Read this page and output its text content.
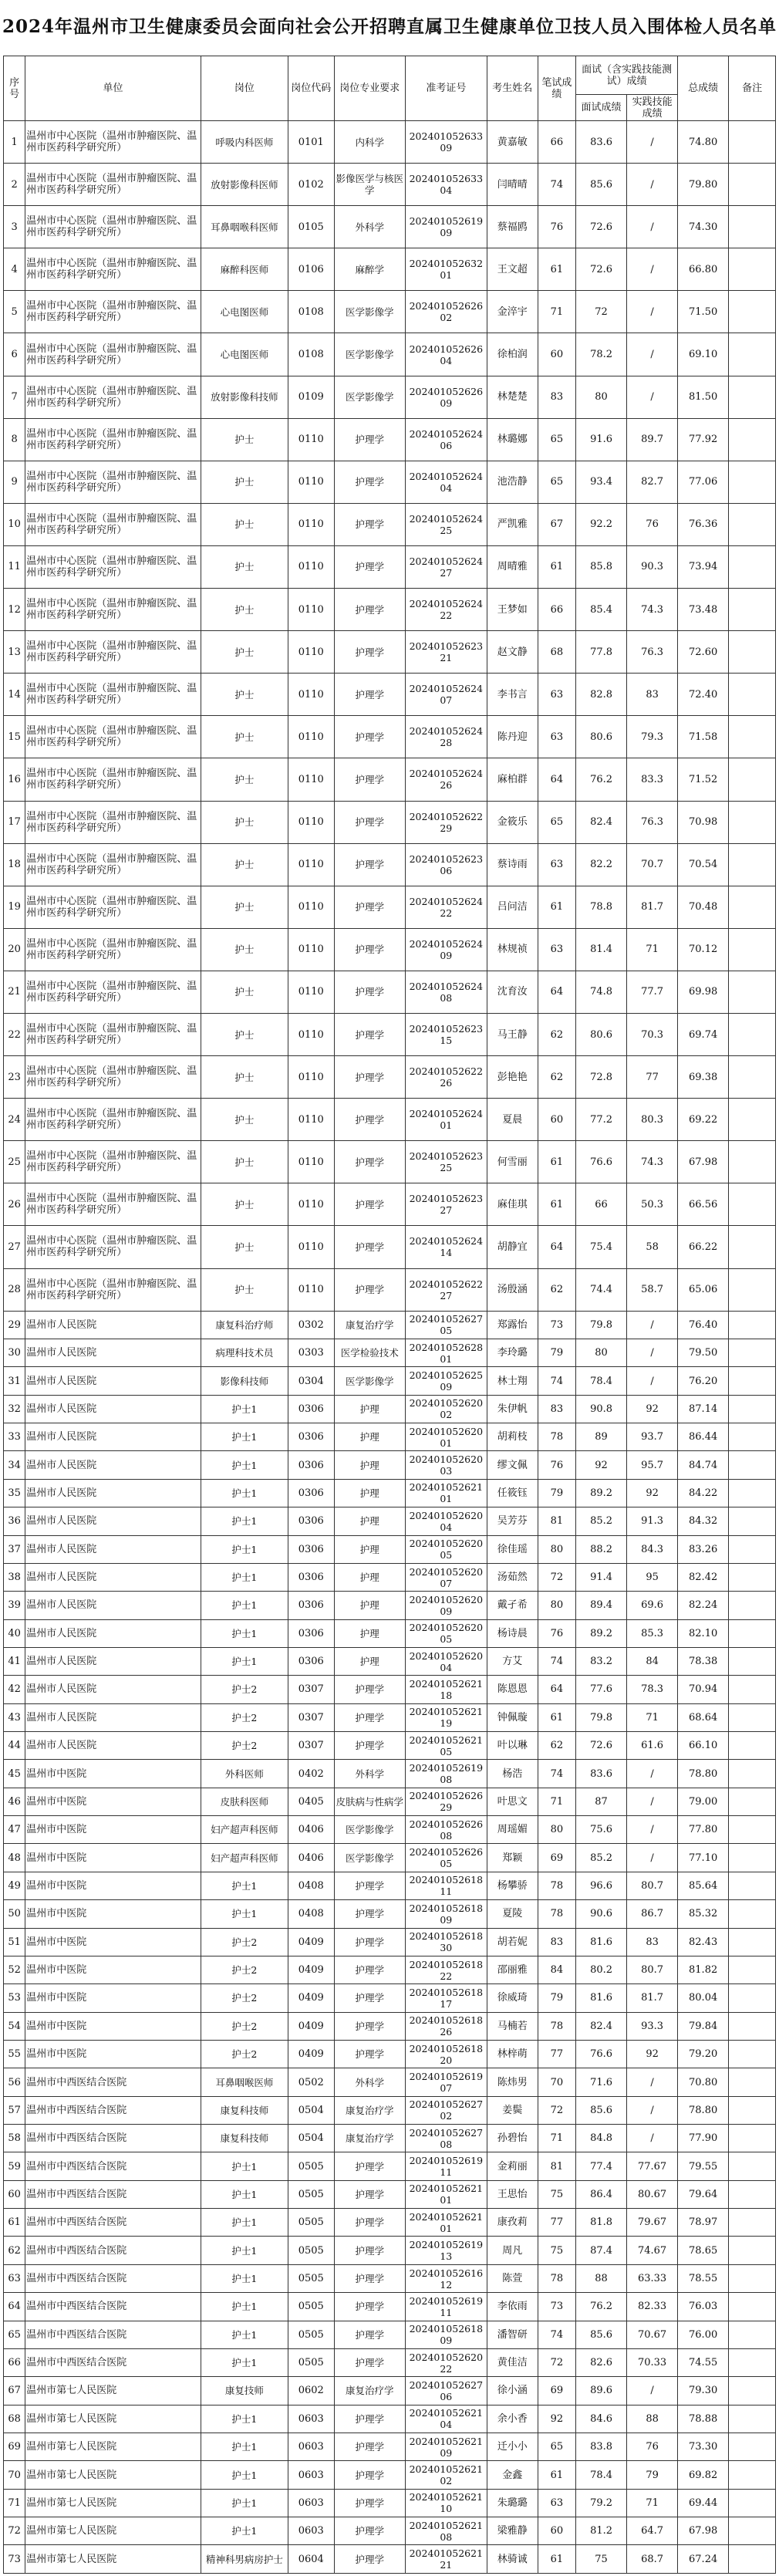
2024年温州市卫生健康委员会面向社会公开招聘直属卫生健康单位卫技人员入围体检人员名单
序号	单位	岗位	岗位代码	岗位专业要求	准考证号	考生姓名	笔试成绩	面试（含实践技能测试）成绩		总成绩	备注
								面试成绩	实践技能成绩		
1	温州市中心医院（温州市肿瘤医院、温州市医药科学研究所）	呼吸内科医师	0101	内科学	20240105263309	黄嘉敏	66	83.6	/	74.80	
2	温州市中心医院（温州市肿瘤医院、温州市医药科学研究所）	放射影像科医师	0102	影像医学与核医学	20240105263304	闫晴晴	74	85.6	/	79.80	
3	温州市中心医院（温州市肿瘤医院、温州市医药科学研究所）	耳鼻咽喉科医师	0105	外科学	20240105261909	蔡福鸥	76	72.6	/	74.30	
4	温州市中心医院（温州市肿瘤医院、温州市医药科学研究所）	麻醉科医师	0106	麻醉学	20240105263201	王文超	61	72.6	/	66.80	
5	温州市中心医院（温州市肿瘤医院、温州市医药科学研究所）	心电图医师	0108	医学影像学	20240105262602	金淬宇	71	72	/	71.50	
6	温州市中心医院（温州市肿瘤医院、温州市医药科学研究所）	心电图医师	0108	医学影像学	20240105262604	徐柏润	60	78.2	/	69.10	
7	温州市中心医院（温州市肿瘤医院、温州市医药科学研究所）	放射影像科技师	0109	医学影像学	20240105262609	林楚楚	83	80	/	81.50	
8	温州市中心医院（温州市肿瘤医院、温州市医药科学研究所）	护士	0110	护理学	20240105262406	林璐娜	65	91.6	89.7	77.92	
9	温州市中心医院（温州市肿瘤医院、温州市医药科学研究所）	护士	0110	护理学	20240105262404	池浩静	65	93.4	82.7	77.06	
10	温州市中心医院（温州市肿瘤医院、温州市医药科学研究所）	护士	0110	护理学	20240105262425	严凯雅	67	92.2	76	76.36	
11	温州市中心医院（温州市肿瘤医院、温州市医药科学研究所）	护士	0110	护理学	20240105262427	周晴雅	61	85.8	90.3	73.94	
12	温州市中心医院（温州市肿瘤医院、温州市医药科学研究所）	护士	0110	护理学	20240105262422	王梦如	66	85.4	74.3	73.48	
13	温州市中心医院（温州市肿瘤医院、温州市医药科学研究所）	护士	0110	护理学	20240105262321	赵文静	68	77.8	76.3	72.60	
14	温州市中心医院（温州市肿瘤医院、温州市医药科学研究所）	护士	0110	护理学	20240105262407	李书言	63	82.8	83	72.40	
15	温州市中心医院（温州市肿瘤医院、温州市医药科学研究所）	护士	0110	护理学	20240105262428	陈丹迎	63	80.6	79.3	71.58	
16	温州市中心医院（温州市肿瘤医院、温州市医药科学研究所）	护士	0110	护理学	20240105262426	麻柏群	64	76.2	83.3	71.52	
17	温州市中心医院（温州市肿瘤医院、温州市医药科学研究所）	护士	0110	护理学	20240105262229	金筱乐	65	82.4	76.3	70.98	
18	温州市中心医院（温州市肿瘤医院、温州市医药科学研究所）	护士	0110	护理学	20240105262306	蔡诗雨	63	82.2	70.7	70.54	
19	温州市中心医院（温州市肿瘤医院、温州市医药科学研究所）	护士	0110	护理学	20240105262422	吕问洁	61	78.8	81.7	70.48	
20	温州市中心医院（温州市肿瘤医院、温州市医药科学研究所）	护士	0110	护理学	20240105262409	林规祯	63	81.4	71	70.12	
21	温州市中心医院（温州市肿瘤医院、温州市医药科学研究所）	护士	0110	护理学	20240105262408	沈育汝	64	74.8	77.7	69.98	
22	温州市中心医院（温州市肿瘤医院、温州市医药科学研究所）	护士	0110	护理学	20240105262315	马王静	62	80.6	70.3	69.74	
23	温州市中心医院（温州市肿瘤医院、温州市医药科学研究所）	护士	0110	护理学	20240105262226	彭艳艳	62	72.8	77	69.38	
24	温州市中心医院（温州市肿瘤医院、温州市医药科学研究所）	护士	0110	护理学	20240105262401	夏晨	60	77.2	80.3	69.22	
25	温州市中心医院（温州市肿瘤医院、温州市医药科学研究所）	护士	0110	护理学	20240105262325	何雪丽	61	76.6	74.3	67.98	
26	温州市中心医院（温州市肿瘤医院、温州市医药科学研究所）	护士	0110	护理学	20240105262327	麻佳琪	61	66	50.3	66.56	
27	温州市中心医院（温州市肿瘤医院、温州市医药科学研究所）	护士	0110	护理学	20240105262414	胡静宜	64	75.4	58	66.22	
28	温州市中心医院（温州市肿瘤医院、温州市医药科学研究所）	护士	0110	护理学	20240105262227	汤殷涵	62	74.4	58.7	65.06	
29	温州市人民医院	康复科治疗师	0302	康复治疗学	20240105262705	郑露怡	73	79.8	/	76.40	
30	温州市人民医院	病理科技术员	0303	医学检验技术	20240105262801	李玲璐	79	80	/	79.50	
31	温州市人民医院	影像科技师	0304	医学影像学	20240105262509	林士翔	74	78.4	/	76.20	
32	温州市人民医院	护士1	0306	护理	20240105262002	朱伊帆	83	90.8	92	87.14	
33	温州市人民医院	护士1	0306	护理	20240105262001	胡莉枝	78	89	93.7	86.44	
34	温州市人民医院	护士1	0306	护理	20240105262003	缪文佩	76	92	95.7	84.74	
35	温州市人民医院	护士1	0306	护理	20240105262101	任筱钰	79	89.2	92	84.22	
36	温州市人民医院	护士1	0306	护理	20240105262004	吴芳芬	81	85.2	91.3	84.32	
37	温州市人民医院	护士1	0306	护理	20240105262005	徐佳瑶	80	88.2	84.3	83.26	
38	温州市人民医院	护士1	0306	护理	20240105262007	汤茹然	72	91.4	95	82.42	
39	温州市人民医院	护士1	0306	护理	20240105262009	戴孑希	80	89.4	69.6	82.24	
40	温州市人民医院	护士1	0306	护理	20240105262005	杨诗晨	76	89.2	85.3	82.10	
41	温州市人民医院	护士1	0306	护理	20240105262004	方艾	74	83.2	84	78.38	
42	温州市人民医院	护士2	0307	护理学	20240105262118	陈恩恩	64	77.6	78.3	70.94	
43	温州市人民医院	护士2	0307	护理学	20240105262119	钟佩璇	61	79.8	71	68.64	
44	温州市人民医院	护士2	0307	护理学	20240105262105	叶以琳	62	72.6	61.6	66.10	
45	温州市中医院	外科医师	0402	外科学	20240105261908	杨浩	74	83.6	/	78.80	
46	温州市中医院	皮肤科医师	0405	皮肤病与性病学	20240105262629	叶思文	71	87	/	79.00	
47	温州市中医院	妇产超声科医师	0406	医学影像学	20240105262608	周瑶媚	80	75.6	/	77.80	
48	温州市中医院	妇产超声科医师	0406	医学影像学	20240105262605	郑颖	69	85.2	/	77.10	
49	温州市中医院	护士1	0408	护理学	20240105261811	杨攀骄	78	96.6	80.7	85.64	
50	温州市中医院	护士1	0408	护理学	20240105261809	夏陵	78	90.6	86.7	85.32	
51	温州市中医院	护士2	0409	护理学	20240105261830	胡若妮	83	81.6	83	82.43	
52	温州市中医院	护士2	0409	护理学	20240105261822	邵丽雅	84	80.2	80.7	81.82	
53	温州市中医院	护士2	0409	护理学	20240105261817	徐威琦	79	81.6	81.7	80.04	
54	温州市中医院	护士2	0409	护理学	20240105261826	马楠若	78	82.4	93.3	79.84	
55	温州市中医院	护士2	0409	护理学	20240105261820	林梓萌	77	76.6	92	79.20	
56	温州市中西医结合医院	耳鼻咽喉医师	0502	外科学	20240105261907	陈炜男	70	71.6	/	70.80	
57	温州市中西医结合医院	康复科技师	0504	康复治疗学	20240105262702	姜鬓	72	85.6	/	78.80	
58	温州市中西医结合医院	康复科技师	0504	康复治疗学	20240105262708	孙碧怡	71	84.8	/	77.90	
59	温州市中西医结合医院	护士1	0505	护理学	20240105261911	金莉丽	81	77.4	77.67	79.55	
60	温州市中西医结合医院	护士1	0505	护理学	20240105262101	王思怡	75	86.4	80.67	79.64	
61	温州市中西医结合医院	护士1	0505	护理学	20240105262101	康孜莉	77	81.8	79.67	78.97	
62	温州市中西医结合医院	护士1	0505	护理学	20240105261913	周凡	75	87.4	74.67	78.65	
63	温州市中西医结合医院	护士1	0505	护理学	20240105261612	陈萱	78	88	63.33	78.55	
64	温州市中西医结合医院	护士1	0505	护理学	20240105261911	李依雨	73	76.2	82.33	76.03	
65	温州市中西医结合医院	护士1	0505	护理学	20240105261809	潘智研	74	85.6	70.67	76.00	
66	温州市中西医结合医院	护士1	0505	护理学	20240105262022	黄佳洁	72	82.6	70.33	74.55	
67	温州市第七人民医院	康复技师	0602	康复治疗学	20240105262706	徐小涵	69	89.6	/	79.30	
68	温州市第七人民医院	护士1	0603	护理学	20240105262104	余小香	92	84.6	88	78.88	
69	温州市第七人民医院	护士1	0603	护理学	20240105262109	迁小小	65	83.8	76	73.30	
70	温州市第七人民医院	护士1	0603	护理学	20240105262102	金鑫	61	78.4	79	69.82	
71	温州市第七人民医院	护士1	0603	护理学	20240105262110	朱璐璐	63	79.2	71	69.44	
72	温州市第七人民医院	护士1	0603	护理学	20240105262108	梁雅静	60	81.2	64.7	67.98	
73	温州市第七人民医院	精神科男病房护士	0604	护理学	20240105262121	林骑诚	61	75	68.7	67.24	
